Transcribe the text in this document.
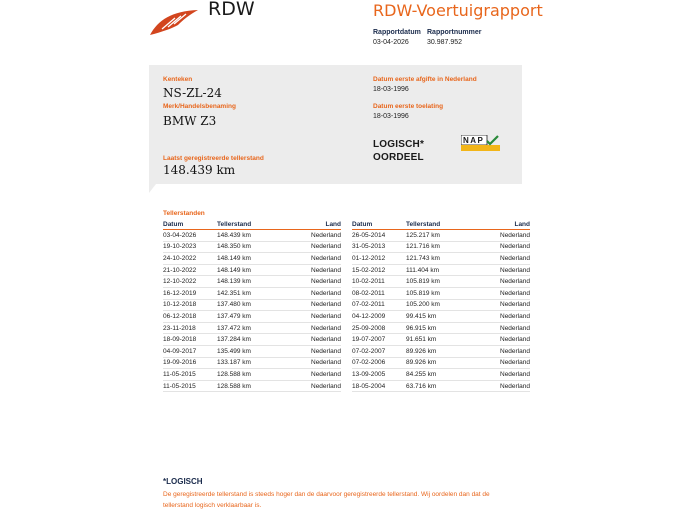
RDW	RDW-Voertuigrapport
Rapportdatum
03-04-2026
Rapportnummer
30.987.952
Kenteken
NS-ZL-24
Merk/Handelsbenaming
BMW Z3
Laatst geregistreerde tellerstand
148.439 km
Datum eerste afgifte in Nederland
18-03-1996
Datum eerste toelating
18-03-1996
LOGISCH*
OORDEEL
NAP
Tellerstanden
Datum	Tellerstand	Land
03-04-2026	148.439 km	Nederland
19-10-2023	148.350 km	Nederland
24-10-2022	148.149 km	Nederland
21-10-2022	148.149 km	Nederland
12-10-2022	148.139 km	Nederland
16-12-2019	142.351 km	Nederland
10-12-2018	137.480 km	Nederland
06-12-2018	137.479 km	Nederland
23-11-2018	137.472 km	Nederland
18-09-2018	137.284 km	Nederland
04-09-2017	135.499 km	Nederland
19-09-2016	133.187 km	Nederland
11-05-2015	128.588 km	Nederland
11-05-2015	128.588 km	Nederland
Datum	Tellerstand	Land
26-05-2014	125.217 km	Nederland
31-05-2013	121.716 km	Nederland
01-12-2012	121.743 km	Nederland
15-02-2012	111.404 km	Nederland
10-02-2011	105.819 km	Nederland
08-02-2011	105.819 km	Nederland
07-02-2011	105.200 km	Nederland
04-12-2009	99.415 km	Nederland
25-09-2008	96.915 km	Nederland
19-07-2007	91.651 km	Nederland
07-02-2007	89.926 km	Nederland
07-02-2006	89.926 km	Nederland
13-09-2005	84.255 km	Nederland
18-05-2004	63.716 km	Nederland
*LOGISCH
De geregistreerde tellerstand is steeds hoger dan de daarvoor geregistreerde tellerstand. Wij oordelen dan dat de tellerstand logisch verklaarbaar is.
